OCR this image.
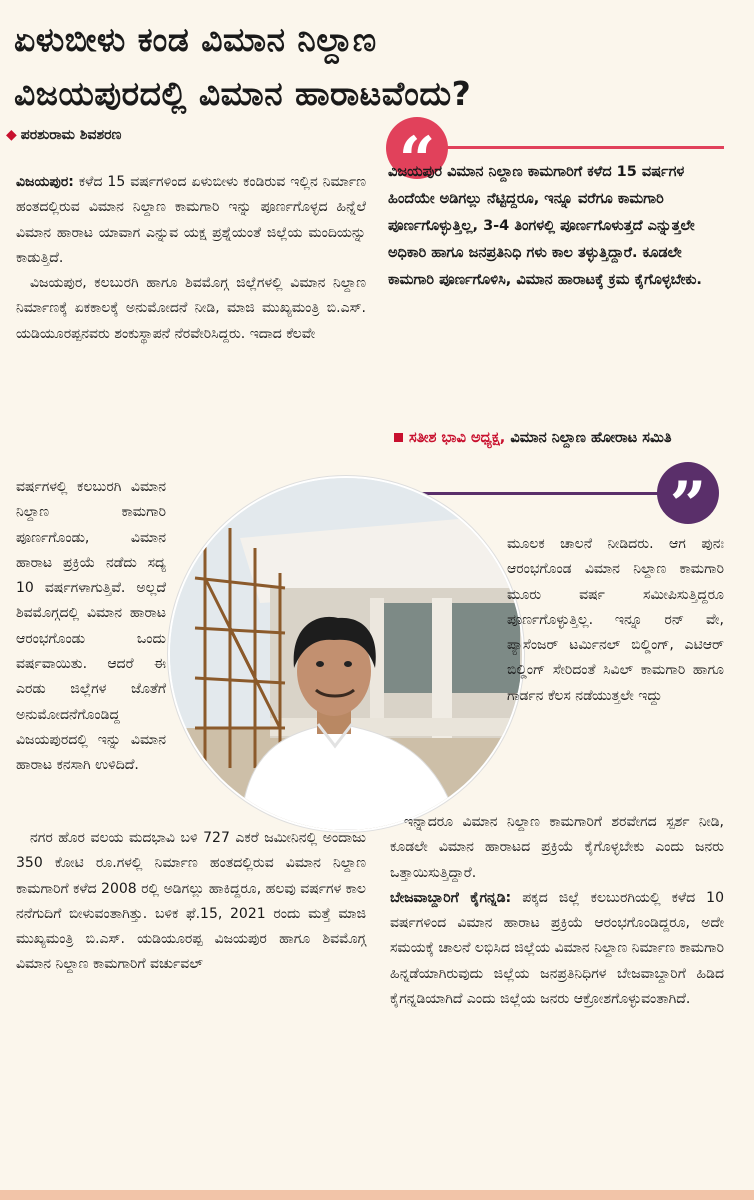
ಏಳುಬೀಳು ಕಂಡ ವಿಮಾನ ನಿಲ್ದಾಣ
ವಿಜಯಪುರದಲ್ಲಿ ವಿಮಾನ ಹಾರಾಟವೆಂದು?
◆ ಪರಶುರಾಮ ಶಿವಶರಣ	“
ವಿಜಯಪುರ ವಿಮಾನ ನಿಲ್ದಾಣ ಕಾಮಗಾರಿಗೆ ಕಳೆದ 15 ವರ್ಷಗಳ ಹಿಂದೆಯೇ ಅಡಿಗಲ್ಲು ನೆಟ್ಟಿದ್ದರೂ, ಇನ್ನೂ ವರೆಗೂ ಕಾಮಗಾರಿ ಪೂರ್ಣಗೊಳ್ಳುತ್ತಿಲ್ಲ, 3-4 ತಿಂಗಳಲ್ಲಿ ಪೂರ್ಣಗೊಳುತ್ತದೆ ಎನ್ನುತ್ತಲೇ ಅಧಿಕಾರಿ ಹಾಗೂ ಜನಪ್ರತಿನಿಧಿ ಗಳು ಕಾಲ ತಳ್ಳುತ್ತಿದ್ದಾರೆ. ಕೂಡಲೇ ಕಾಮಗಾರಿ ಪೂರ್ಣಗೊಳಿಸಿ, ವಿಮಾನ ಹಾರಾಟಕ್ಕೆ ಕ್ರಮ ಕೈಗೊಳ್ಳಬೇಕು.
ಸತೀಶ ಭಾವಿ ಅಧ್ಯಕ್ಷ, ವಿಮಾನ ನಿಲ್ದಾಣ ಹೋರಾಟ ಸಮಿತಿ
”

ವಿಜಯಪುರ: ಕಳೆದ 15 ವರ್ಷಗಳಿಂದ ಏಳುಬೀಳು ಕಂಡಿರುವ ಇಲ್ಲಿನ ನಿರ್ಮಾಣ ಹಂತದಲ್ಲಿರುವ ವಿಮಾನ ನಿಲ್ದಾಣ ಕಾಮಗಾರಿ ಇನ್ನು ಪೂರ್ಣಗೊಳ್ಳದ ಹಿನ್ನೆಲೆ ವಿಮಾನ ಹಾರಾಟ ಯಾವಾಗ ಎನ್ನುವ ಯಕ್ಷ ಪ್ರಶ್ನೆಯಂತೆ ಜಿಲ್ಲೆಯ ಮಂದಿಯನ್ನು ಕಾಡುತ್ತಿದೆ.

ವಿಜಯಪುರ, ಕಲಬುರಗಿ ಹಾಗೂ ಶಿವಮೊಗ್ಗ ಜಿಲ್ಲೆಗಳಲ್ಲಿ ವಿಮಾನ ನಿಲ್ದಾಣ ನಿರ್ಮಾಣಕ್ಕೆ ಏಕಕಾಲಕ್ಕೆ ಅನುಮೋದನೆ ನೀಡಿ, ಮಾಜಿ ಮುಖ್ಯಮಂತ್ರಿ ಬಿ.ಎಸ್. ಯಡಿಯೂರಪ್ಪನವರು ಶಂಕುಸ್ಥಾಪನೆ ನೆರವೇರಿಸಿದ್ದರು. ಇದಾದ ಕೆಲವೇ

ವರ್ಷಗಳಲ್ಲಿ ಕಲಬುರಗಿ ವಿಮಾನ ನಿಲ್ದಾಣ ಕಾಮಗಾರಿ ಪೂರ್ಣಗೊಂಡು, ವಿಮಾನ ಹಾರಾಟ ಪ್ರಕ್ರಿಯೆ ನಡೆದು ಸದ್ಯ 10 ವರ್ಷಗಳಾಗುತ್ತಿವೆ. ಅಲ್ಲದೆ ಶಿವಮೊಗ್ಗದಲ್ಲಿ ವಿಮಾನ ಹಾರಾಟ ಆರಂಭಗೊಂಡು ಒಂದು ವರ್ಷವಾಯಿತು. ಆದರೆ ಈ ಎರಡು ಜಿಲ್ಲೆಗಳ ಜೊತೆಗೆ ಅನುಮೋದನೆಗೊಂಡಿದ್ದ ವಿಜಯಪುರದಲ್ಲಿ ಇನ್ನು ವಿಮಾನ ಹಾರಾಟ ಕನಸಾಗಿ ಉಳಿದಿದೆ.

ನಗರ ಹೊರ ವಲಯ ಮದಭಾವಿ ಬಳಿ 727 ಎಕರೆ ಜಮೀನಿನಲ್ಲಿ ಅಂದಾಜು 350 ಕೋಟಿ ರೂ.ಗಳಲ್ಲಿ ನಿರ್ಮಾಣ ಹಂತದಲ್ಲಿರುವ ವಿಮಾನ ನಿಲ್ದಾಣ ಕಾಮಗಾರಿಗೆ ಕಳೆದ 2008 ರಲ್ಲಿ ಅಡಿಗಲ್ಲು ಹಾಕಿದ್ದರೂ, ಹಲವು ವರ್ಷಗಳ ಕಾಲ ನನೆಗುದಿಗೆ ಬೀಳುವಂತಾಗಿತ್ತು. ಬಳಿಕ ಫೆ.15, 2021 ರಂದು ಮತ್ತೆ ಮಾಜಿ ಮುಖ್ಯಮಂತ್ರಿ ಬಿ.ಎಸ್. ಯಡಿಯೂರಪ್ಪ ವಿಜಯಪುರ ಹಾಗೂ ಶಿವಮೊಗ್ಗ ವಿಮಾನ ನಿಲ್ದಾಣ ಕಾಮಗಾರಿಗೆ ವರ್ಚುವಲ್

ಮೂಲಕ ಚಾಲನೆ ನೀಡಿದರು. ಆಗ ಪುನಃ ಆರಂಭಗೊಂಡ ವಿಮಾನ ನಿಲ್ದಾಣ ಕಾಮಗಾರಿ ಮೂರು ವರ್ಷ ಸಮೀಪಿಸುತ್ತಿದ್ದರೂ ಪೂರ್ಣಗೊಳ್ಳುತ್ತಿಲ್ಲ. ಇನ್ನೂ ರನ್ ವೇ, ಪ್ಯಾಸೆಂಜರ್ ಟರ್ಮಿನಲ್ ಬಿಲ್ಡಿಂಗ್, ಎಟಿಆರ್ ಬಿಲ್ಡಿಂಗ್ ಸೇರಿದಂತೆ ಸಿವಿಲ್ ಕಾಮಗಾರಿ ಹಾಗೂ ಗಾರ್ಡನ ಕೆಲಸ ನಡೆಯುತ್ತಲೇ ಇದ್ದು

ಇನ್ನಾದರೂ ವಿಮಾನ ನಿಲ್ದಾಣ ಕಾಮಗಾರಿಗೆ ಶರವೇಗದ ಸ್ಪರ್ಶ ನೀಡಿ, ಕೂಡಲೇ ವಿಮಾನ ಹಾರಾಟದ ಪ್ರಕ್ರಿಯೆ ಕೈಗೊಳ್ಳಬೇಕು ಎಂದು ಜನರು ಒತ್ತಾಯಿಸುತ್ತಿದ್ದಾರೆ.

ಬೇಜವಾಬ್ದಾರಿಗೆ ಕೈಗನ್ನಡಿ: ಪಕ್ಕದ ಜಿಲ್ಲೆ ಕಲಬುರಗಿಯಲ್ಲಿ ಕಳೆದ 10 ವರ್ಷಗಳಿಂದ ವಿಮಾನ ಹಾರಾಟ ಪ್ರಕ್ರಿಯೆ ಆರಂಭಗೊಂಡಿದ್ದರೂ, ಅದೇ ಸಮಯಕ್ಕೆ ಚಾಲನೆ ಲಭಿಸಿದ ಜಿಲ್ಲೆಯ ವಿಮಾನ ನಿಲ್ದಾಣ ನಿರ್ಮಾಣ ಕಾಮಗಾರಿ ಹಿನ್ನಡೆಯಾಗಿರುವುದು ಜಿಲ್ಲೆಯ ಜನಪ್ರತಿನಿಧಿಗಳ ಬೇಜವಾಬ್ದಾರಿಗೆ ಹಿಡಿದ ಕೈಗನ್ನಡಿಯಾಗಿದೆ ಎಂದು ಜಿಲ್ಲೆಯ ಜನರು ಆಕ್ರೋಶಗೊಳ್ಳುವಂತಾಗಿದೆ.
